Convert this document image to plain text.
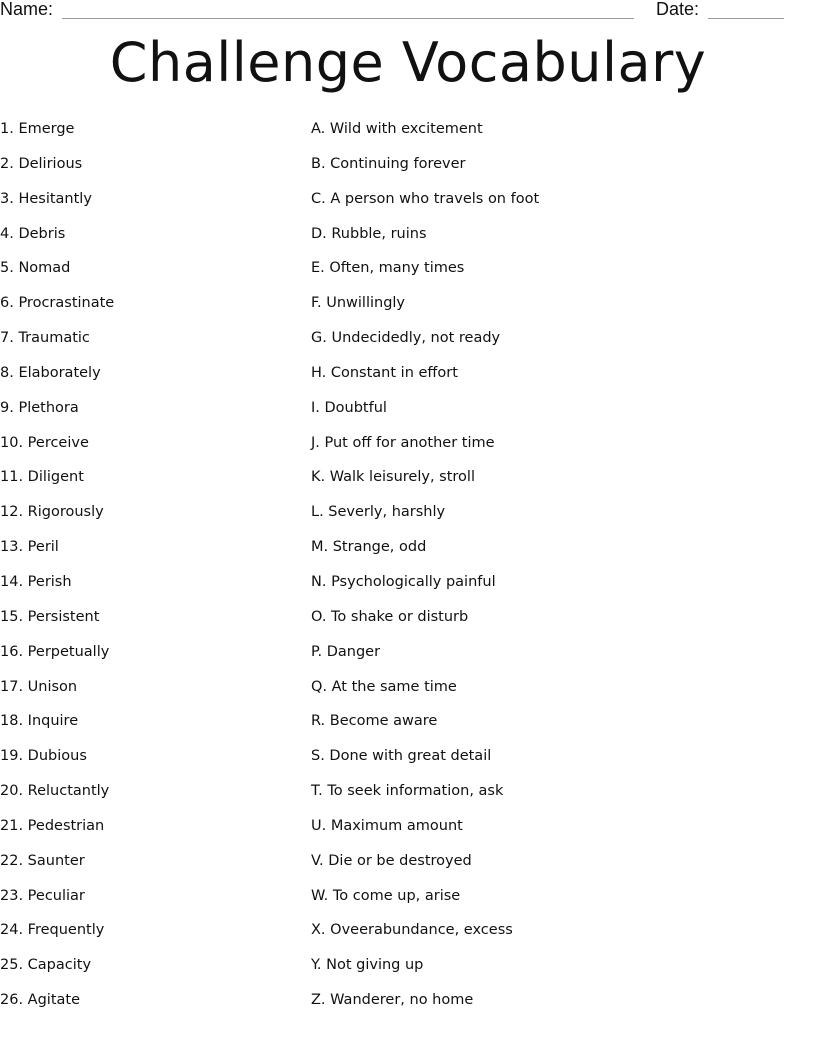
Name:	Date:
Challenge Vocabulary
1. Emerge
2. Delirious
3. Hesitantly
4. Debris
5. Nomad
6. Procrastinate
7. Traumatic
8. Elaborately
9. Plethora
10. Perceive
11. Diligent
12. Rigorously
13. Peril
14. Perish
15. Persistent
16. Perpetually
17. Unison
18. Inquire
19. Dubious
20. Reluctantly
21. Pedestrian
22. Saunter
23. Peculiar
24. Frequently
25. Capacity
26. Agitate
A. Wild with excitement
B. Continuing forever
C. A person who travels on foot
D. Rubble, ruins
E. Often, many times
F. Unwillingly
G. Undecidedly, not ready
H. Constant in effort
I. Doubtful
J. Put off for another time
K. Walk leisurely, stroll
L. Severly, harshly
M. Strange, odd
N. Psychologically painful
O. To shake or disturb
P. Danger
Q. At the same time
R. Become aware
S. Done with great detail
T. To seek information, ask
U. Maximum amount
V. Die or be destroyed
W. To come up, arise
X. Oveerabundance, excess
Y. Not giving up
Z. Wanderer, no home
